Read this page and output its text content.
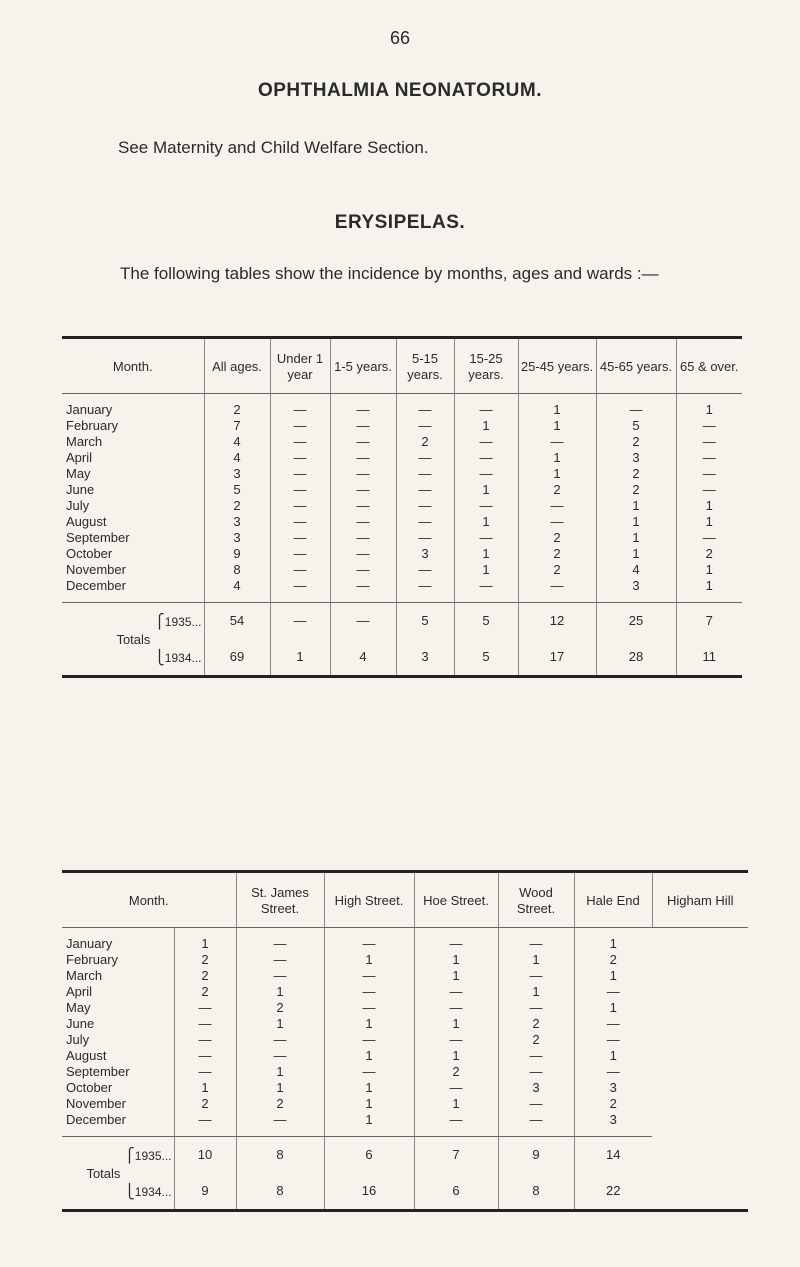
66
OPHTHALMIA NEONATORUM.
See Maternity and Child Welfare Section.
ERYSIPELAS.
The following tables show the incidence by months, ages and wards :—
Month.	All ages.	Under 1 year	1-5 years.	5-15 years.	15-25 years.	25-45 years.	45-65 years.	65 & over.
January	2	—	—	—	—	1	—	1
February	7	—	—	—	1	1	5	—
March	4	—	—	2	—	—	2	—
April	4	—	—	—	—	1	3	—
May	3	—	—	—	—	1	2	—
June	5	—	—	—	1	2	2	—
July	2	—	—	—	—	—	1	1
August	3	—	—	—	1	—	1	1
September	3	—	—	—	—	2	1	—
October	9	—	—	3	1	2	1	2
November	8	—	—	—	1	2	4	1
December	4	—	—	—	—	—	3	1
Totals ⎧1935...	54	—	—	5	5	12	25	7
⎩1934...	69	1	4	3	5	17	28	11
Month.		St. James Street.	High Street.	Hoe Street.	Wood Street.	Hale End	Higham Hill
January	1	—	—	—	—	1	
February	2	—	1	1	1	2	
March	2	—	—	1	—	1	
April	2	1	—	—	1	—	
May	—	2	—	—	—	1	
June	—	1	1	1	2	—	
July	—	—	—	—	2	—	
August	—	—	1	1	—	1	
September	—	1	—	2	—	—	
October	1	1	1	—	3	3	
November	2	2	1	1	—	2	
December	—	—	1	—	—	3	
Totals ⎧1935...	10	8	6	7	9	14	
⎩1934...	9	8	16	6	8	22	
